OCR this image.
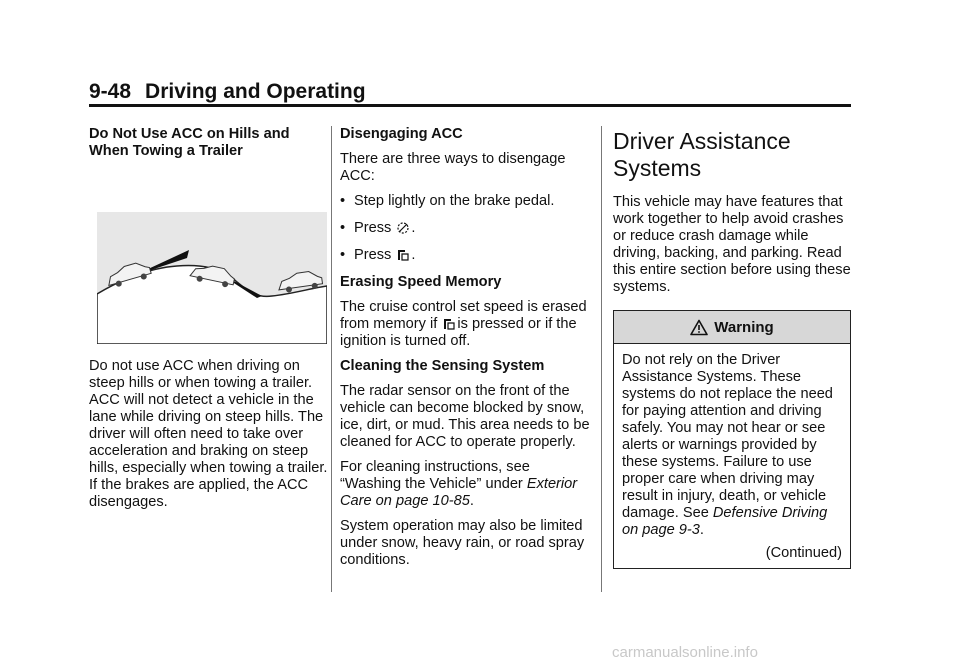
9-48 Driving and Operating

Do Not Use ACC on Hills and When Towing a Trailer

Do not use ACC when driving on steep hills or when towing a trailer. ACC will not detect a vehicle in the lane while driving on steep hills. The driver will often need to take over acceleration and braking on steep hills, especially when towing a trailer. If the brakes are applied, the ACC disengages.

Disengaging ACC

There are three ways to disengage ACC:

• Step lightly on the brake pedal.
• Press .
• Press .

Erasing Speed Memory

The cruise control set speed is erased from memory if is pressed or if the ignition is turned off.

Cleaning the Sensing System

The radar sensor on the front of the vehicle can become blocked by snow, ice, dirt, or mud. This area needs to be cleaned for ACC to operate properly.

For cleaning instructions, see “Washing the Vehicle” under Exterior Care on page 10-85.

System operation may also be limited under snow, heavy rain, or road spray conditions.

Driver Assistance Systems

This vehicle may have features that work together to help avoid crashes or reduce crash damage while driving, backing, and parking. Read this entire section before using these systems.

Warning
Do not rely on the Driver Assistance Systems. These systems do not replace the need for paying attention and driving safely. You may not hear or see alerts or warnings provided by these systems. Failure to use proper care when driving may result in injury, death, or vehicle damage. See Defensive Driving on page 9-3.
(Continued)
carmanualsonline.info
